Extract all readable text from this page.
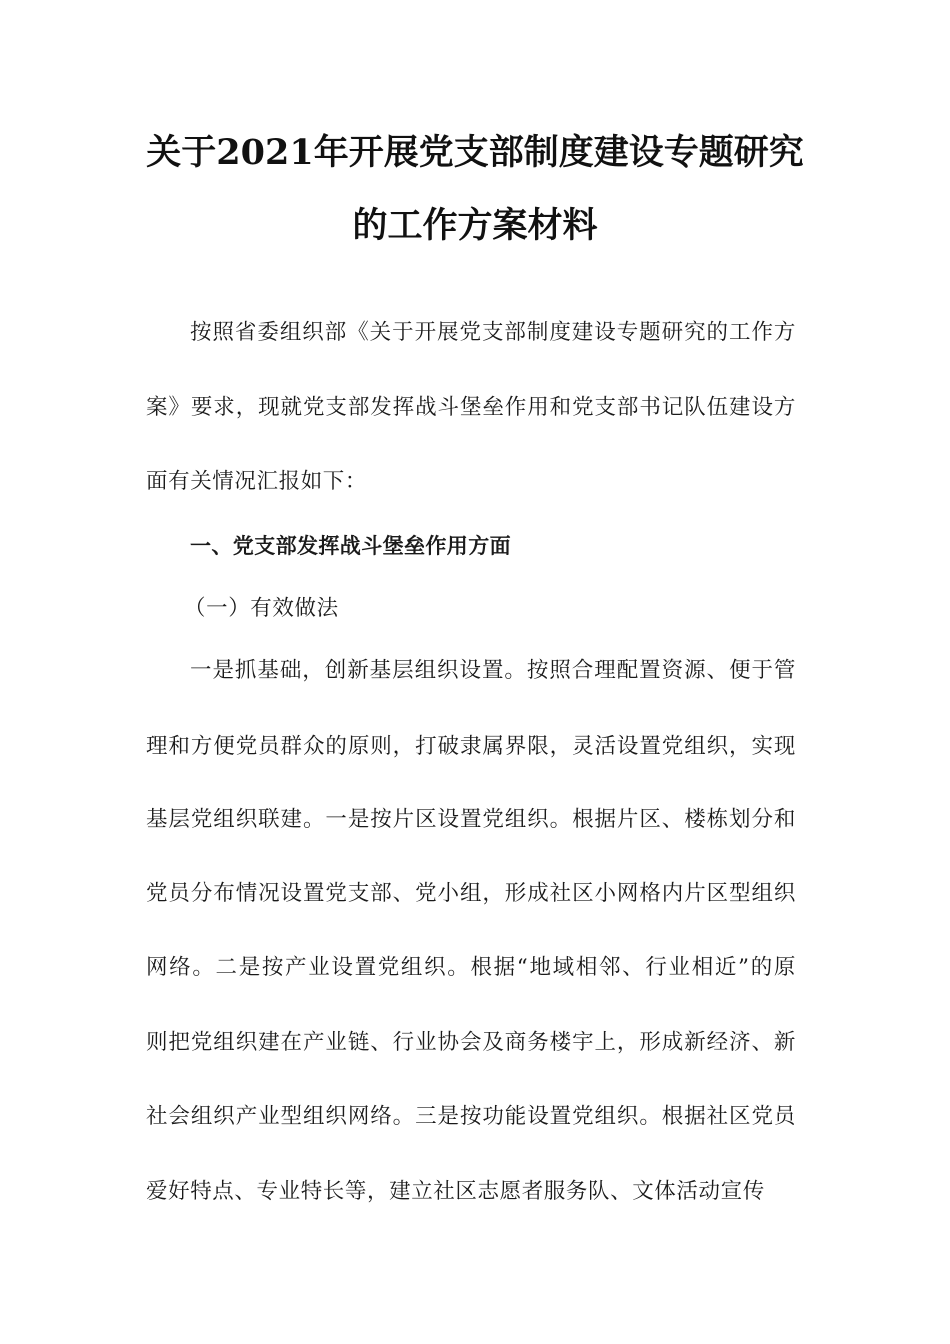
关于2021年开展党支部制度建设专题研究
的工作方案材料
按照省委组织部《关于开展党支部制度建设专题研究的工作方
案》要求，现就党支部发挥战斗堡垒作用和党支部书记队伍建设方
面有关情况汇报如下：
一、党支部发挥战斗堡垒作用方面
（一）有效做法
一是抓基础，创新基层组织设置。按照合理配置资源、便于管
理和方便党员群众的原则，打破隶属界限，灵活设置党组织，实现
基层党组织联建。一是按片区设置党组织。根据片区、楼栋划分和
党员分布情况设置党支部、党小组，形成社区小网格内片区型组织
网络。二是按产业设置党组织。根据“地域相邻、行业相近”的原
则把党组织建在产业链、行业协会及商务楼宇上，形成新经济、新
社会组织产业型组织网络。三是按功能设置党组织。根据社区党员
爱好特点、专业特长等，建立社区志愿者服务队、文体活动宣传
